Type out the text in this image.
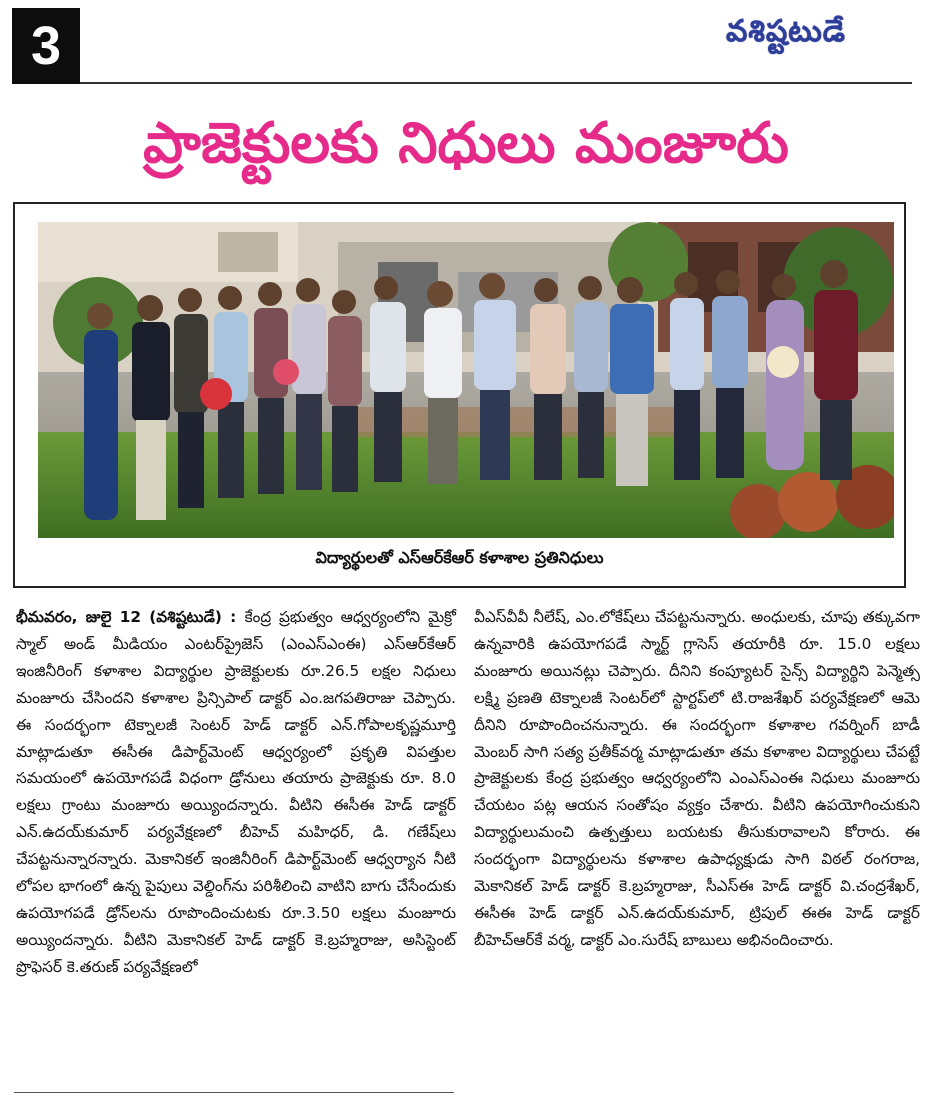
3	వశిష్టటుడే
ప్రాజెక్టులకు నిధులు మంజూరు
విద్యార్థులతో ఎస్ఆర్‌కేఆర్ కళాశాల ప్రతినిధులు
భీమవరం, జులై 12 (వశిష్టటుడే) : కేంద్ర ప్రభుత్వం ఆధ్వర్యంలోని మైక్రో స్మాల్ అండ్ మీడియం ఎంటర్‌ప్రైజెస్ (ఎంఎస్ఎంఈ) ఎస్ఆర్‌కేఆర్ ఇంజినీరింగ్ కళాశాల విద్యార్థుల ప్రాజెక్టులకు రూ.26.5 లక్షల నిధులు మంజూరు చేసిందని కళాశాల ప్రిన్సిపాల్ డాక్టర్ ఎం.జగపతిరాజు చెప్పారు. ఈ సందర్భంగా టెక్నాలజీ సెంటర్ హెడ్ డాక్టర్ ఎన్.గోపాలకృష్ణమూర్తి మాట్లాడుతూ ఈసీఈ డిపార్ట్‌మెంట్ ఆధ్వర్యంలో ప్రకృతి విపత్తుల సమయంలో ఉపయోగపడే విధంగా డ్రోనులు తయారు ప్రాజెక్టుకు రూ. 8.0 లక్షలు గ్రాంటు మంజూరు అయ్యిందన్నారు. వీటిని ఈసీఈ హెడ్ డాక్టర్ ఎన్.ఉదయ్‌కుమార్ పర్యవేక్షణలో బీహెచ్ మహిధర్, డి. గణేష్‌లు చేపట్టనున్నారన్నారు. మెకానికల్ ఇంజినీరింగ్ డిపార్ట్‌మెంట్ ఆధ్వర్యాన నీటి లోపల భాగంలో ఉన్న పైపులు వెల్డింగ్‌ను పరిశీలించి వాటిని బాగు చేసేందుకు ఉపయోగపడే డ్రోన్‌లను రూపొందించుటకు రూ.3.50 లక్షలు మంజూరు అయ్యిందన్నారు. వీటిని మెకానికల్ హెడ్ డాక్టర్ కె.బ్రహ్మరాజు, అసిస్టెంట్ ప్రొఫెసర్ కె.తరుణ్ పర్యవేక్షణలో
వీఎస్‌వీవీ నీలేష్, ఎం.లోకేష్‌లు చేపట్టనున్నారు. అంధులకు, చూపు తక్కువగా ఉన్నవారికి ఉపయోగపడే స్మార్ట్ గ్లాసెస్ తయారీకి రూ. 15.0 లక్షలు మంజూరు అయినట్లు చెప్పారు. దీనిని కంప్యూటర్ సైన్స్ విద్యార్థిని పెన్మెత్స లక్ష్మి ప్రణతి టెక్నాలజీ సెంటర్‌లో స్టార్టప్‌లో టి.రాజశేఖర్ పర్యవేక్షణలో ఆమె దీనిని రూపొందించనున్నారు. ఈ సందర్భంగా కళాశాల గవర్నింగ్ బాడీ మెంబర్ సాగి సత్య ప్రతీక్‌వర్మ మాట్లాడుతూ తమ కళాశాల విద్యార్థులు చేపట్టే ప్రాజెక్టులకు కేంద్ర ప్రభుత్వం ఆధ్వర్యంలోని ఎంఎస్ఎంఈ నిధులు మంజూరు చేయటం పట్ల ఆయన సంతోషం వ్యక్తం చేశారు. వీటిని ఉపయోగించుకుని విద్యార్థులుమంచి ఉత్పత్తులు బయటకు తీసుకురావాలని కోరారు. ఈ సందర్భంగా విద్యార్థులను కళాశాల ఉపాధ్యక్షుడు సాగి విఠల్ రంగరాజ, మెకానికల్ హెడ్ డాక్టర్ కె.బ్రహ్మరాజు, సీఎస్ఈ హెడ్ డాక్టర్ వి.చంద్రశేఖర్, ఈసీఈ హెడ్ డాక్టర్ ఎన్.ఉదయ్‌కుమార్, ట్రిపుల్ ఈఈ హెడ్ డాక్టర్ బీహెచ్ఆర్‌కే వర్మ, డాక్టర్ ఎం.సురేష్ బాబులు అభినందించారు.
